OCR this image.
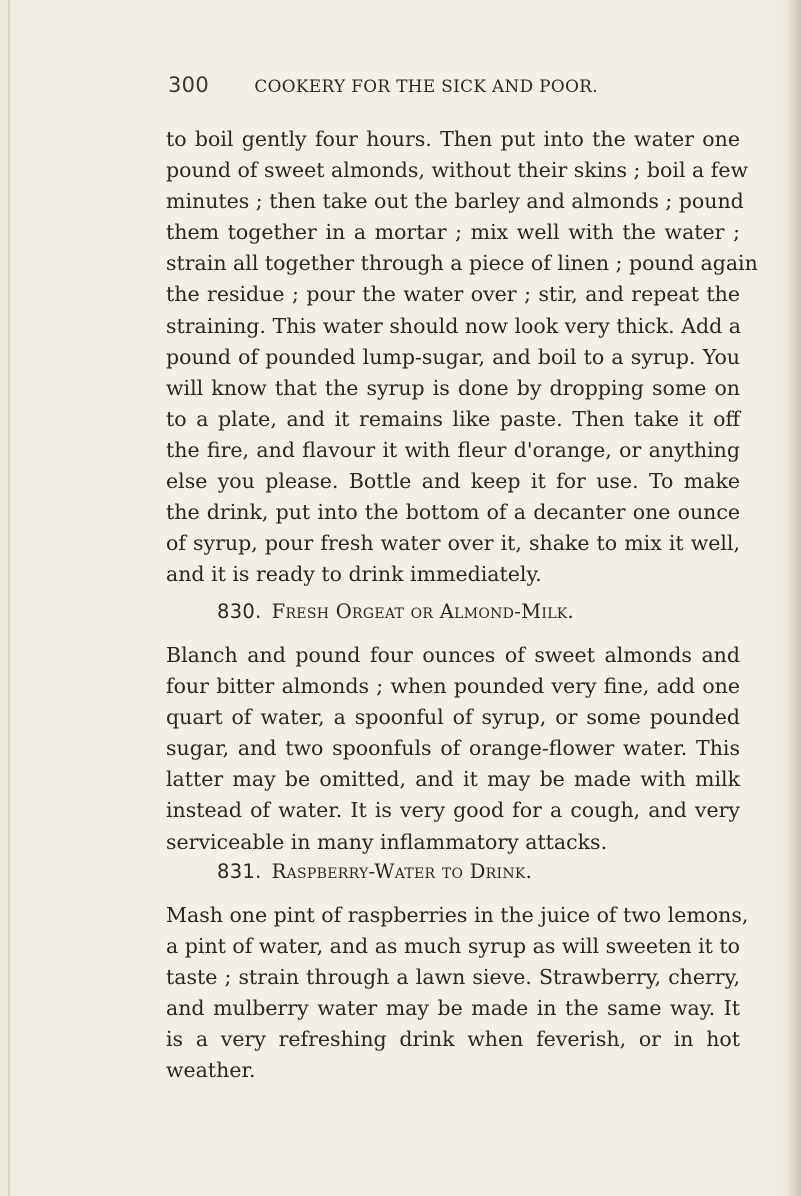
300	COOKERY FOR THE SICK AND POOR.
to boil gently four hours. Then put into the water one
pound of sweet almonds, without their skins ; boil a few
minutes ; then take out the barley and almonds ; pound
them together in a mortar ; mix well with the water ;
strain all together through a piece of linen ; pound again
the residue ; pour the water over ; stir, and repeat the
straining. This water should now look very thick. Add a
pound of pounded lump-sugar, and boil to a syrup. You
will know that the syrup is done by dropping some on
to a plate, and it remains like paste. Then take it off
the fire, and flavour it with fleur d'orange, or anything
else you please. Bottle and keep it for use. To make
the drink, put into the bottom of a decanter one ounce
of syrup, pour fresh water over it, shake to mix it well,
and it is ready to drink immediately.
830. Fresh Orgeat or Almond-Milk.
Blanch and pound four ounces of sweet almonds and
four bitter almonds ; when pounded very fine, add one
quart of water, a spoonful of syrup, or some pounded
sugar, and two spoonfuls of orange-flower water. This
latter may be omitted, and it may be made with milk
instead of water. It is very good for a cough, and very
serviceable in many inflammatory attacks.
831. Raspberry-Water to Drink.
Mash one pint of raspberries in the juice of two lemons,
a pint of water, and as much syrup as will sweeten it to
taste ; strain through a lawn sieve. Strawberry, cherry,
and mulberry water may be made in the same way. It
is a very refreshing drink when feverish, or in hot
weather.
